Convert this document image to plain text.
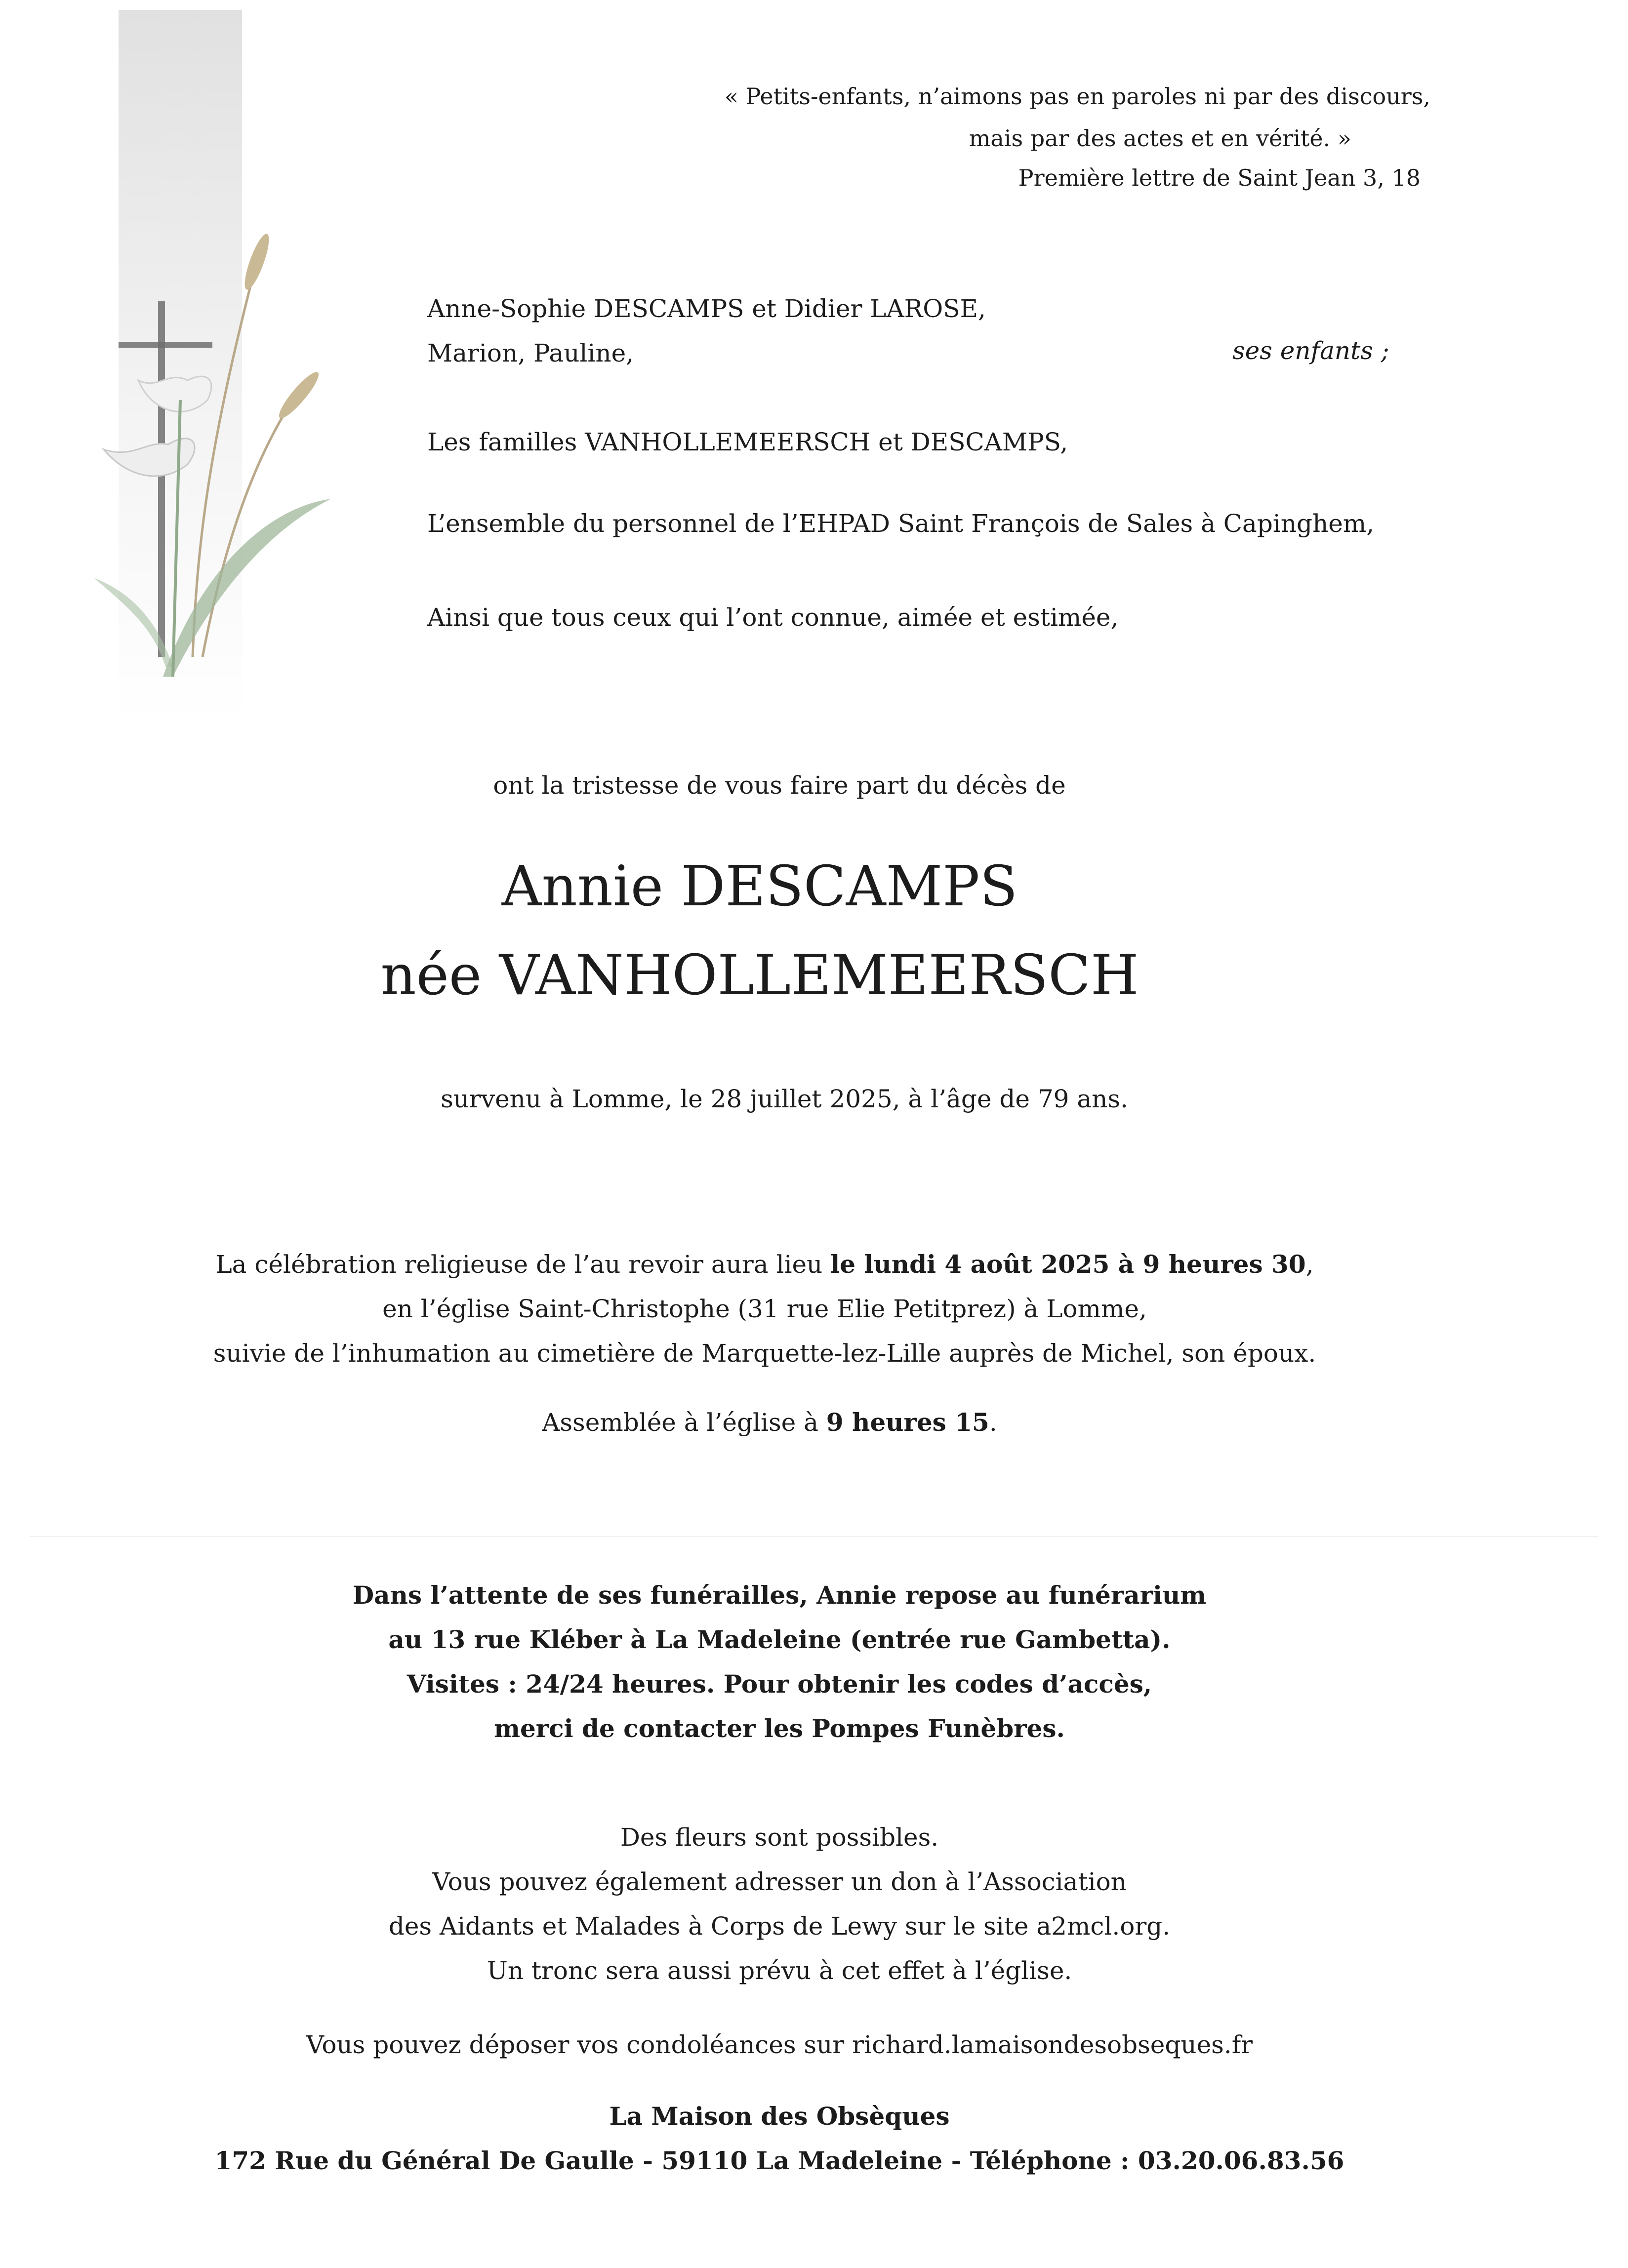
« Petits-enfants, n’aimons pas en paroles ni par des discours,
mais par des actes et en vérité. »
Première lettre de Saint Jean 3, 18
Anne-Sophie DESCAMPS et Didier LAROSE,
Marion, Pauline,	ses enfants ;
Les familles VANHOLLEMEERSCH et DESCAMPS,
L’ensemble du personnel de l’EHPAD Saint François de Sales à Capinghem,
Ainsi que tous ceux qui l’ont connue, aimée et estimée,
ont la tristesse de vous faire part du décès de
Annie DESCAMPS
née VANHOLLEMEERSCH
survenu à Lomme, le 28 juillet 2025, à l’âge de 79 ans.
La célébration religieuse de l’au revoir aura lieu le lundi 4 août 2025 à 9 heures 30,
en l’église Saint-Christophe (31 rue Elie Petitprez) à Lomme,
suivie de l’inhumation au cimetière de Marquette-lez-Lille auprès de Michel, son époux.
Assemblée à l’église à 9 heures 15.
Dans l’attente de ses funérailles, Annie repose au funérarium
au 13 rue Kléber à La Madeleine (entrée rue Gambetta).
Visites : 24/24 heures. Pour obtenir les codes d’accès,
merci de contacter les Pompes Funèbres.
Des fleurs sont possibles.
Vous pouvez également adresser un don à l’Association
des Aidants et Malades à Corps de Lewy sur le site a2mcl.org.
Un tronc sera aussi prévu à cet effet à l’église.
Vous pouvez déposer vos condoléances sur richard.lamaisondesobseques.fr
La Maison des Obsèques
172 Rue du Général De Gaulle - 59110 La Madeleine - Téléphone : 03.20.06.83.56
